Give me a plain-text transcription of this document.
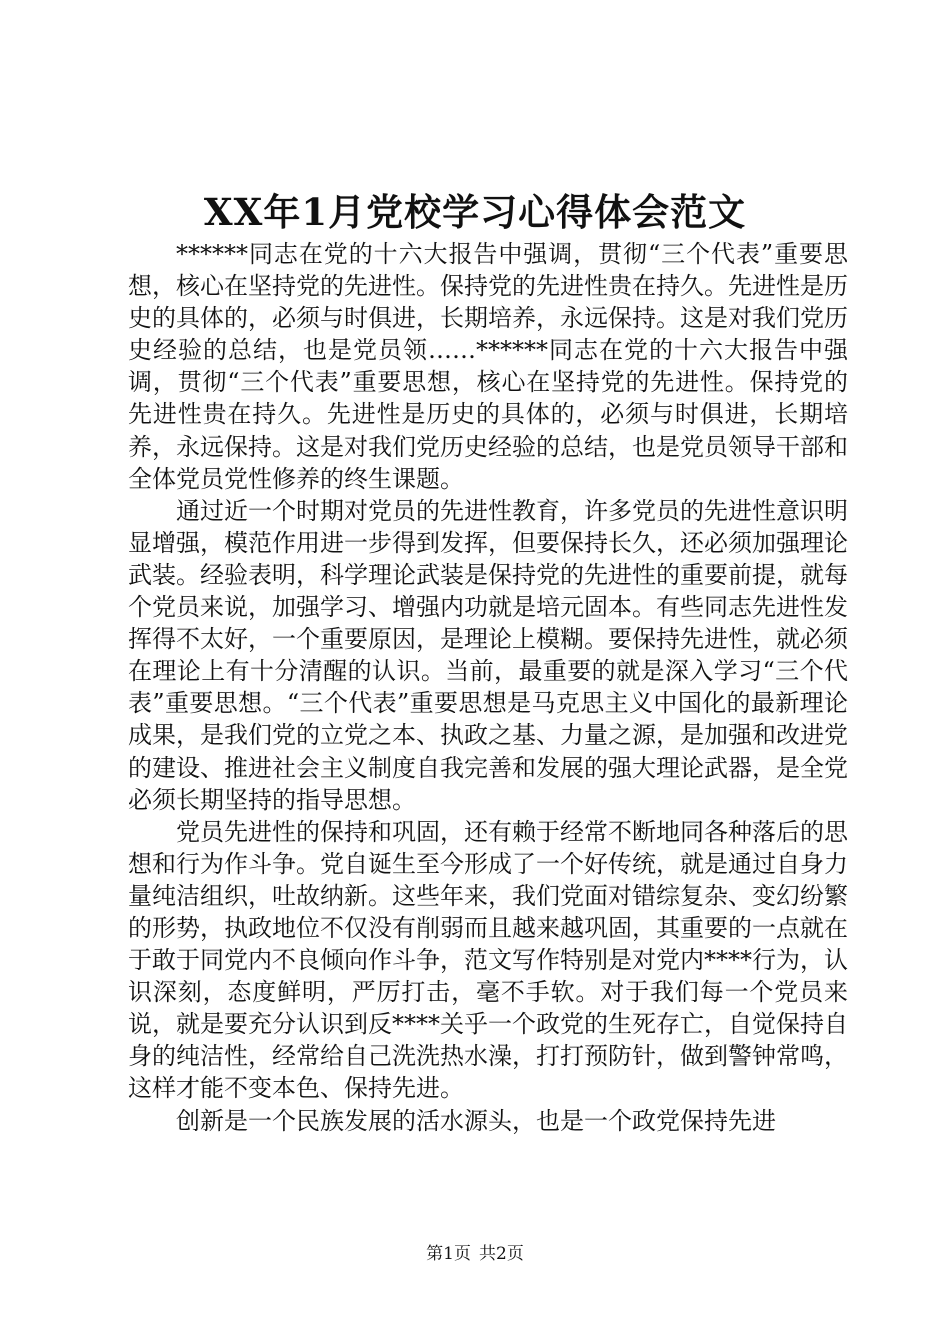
XX年1月党校学习心得体会范文

******同志在党的十六大报告中强调，贯彻“三个代表”重要思想，核心在坚持党的先进性。保持党的先进性贵在持久。先进性是历史的具体的，必须与时俱进，长期培养，永远保持。这是对我们党历史经验的总结，也是党员领……******同志在党的十六大报告中强调，贯彻“三个代表”重要思想，核心在坚持党的先进性。保持党的先进性贵在持久。先进性是历史的具体的，必须与时俱进，长期培养，永远保持。这是对我们党历史经验的总结，也是党员领导干部和全体党员党性修养的终生课题。

通过近一个时期对党员的先进性教育，许多党员的先进性意识明显增强，模范作用进一步得到发挥，但要保持长久，还必须加强理论武装。经验表明，科学理论武装是保持党的先进性的重要前提，就每个党员来说，加强学习、增强内功就是培元固本。有些同志先进性发挥得不太好，一个重要原因，是理论上模糊。要保持先进性，就必须在理论上有十分清醒的认识。当前，最重要的就是深入学习“三个代表”重要思想。“三个代表”重要思想是马克思主义中国化的最新理论成果，是我们党的立党之本、执政之基、力量之源，是加强和改进党的建设、推进社会主义制度自我完善和发展的强大理论武器，是全党必须长期坚持的指导思想。

党员先进性的保持和巩固，还有赖于经常不断地同各种落后的思想和行为作斗争。党自诞生至今形成了一个好传统，就是通过自身力量纯洁组织，吐故纳新。这些年来，我们党面对错综复杂、变幻纷繁的形势，执政地位不仅没有削弱而且越来越巩固，其重要的一点就在于敢于同党内不良倾向作斗争，范文写作特别是对党内****行为，认识深刻，态度鲜明，严厉打击，毫不手软。对于我们每一个党员来说，就是要充分认识到反****关乎一个政党的生死存亡，自觉保持自身的纯洁性，经常给自己洗洗热水澡，打打预防针，做到警钟常鸣，这样才能不变本色、保持先进。

创新是一个民族发展的活水源头，也是一个政党保持先进

第1页 共2页
